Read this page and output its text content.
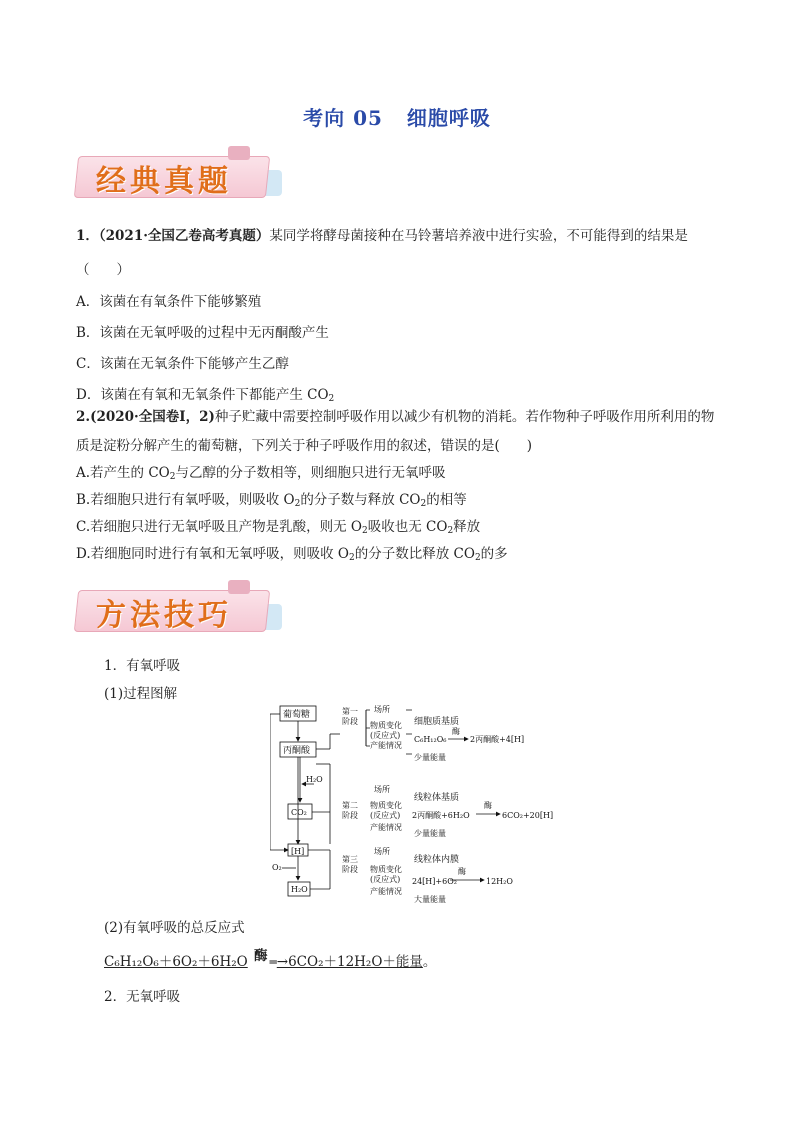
考向 05 细胞呼吸
经典真题
1．（2021·全国乙卷高考真题）某同学将酵母菌接种在马铃薯培养液中进行实验，不可能得到的结果是
（　　）
A．该菌在有氧条件下能够繁殖
B．该菌在无氧呼吸的过程中无丙酮酸产生
C．该菌在无氧条件下能够产生乙醇
D．该菌在有氧和无氧条件下都能产生 $CO_2$
2.(2020·全国卷Ⅰ，2)种子贮藏中需要控制呼吸作用以减少有机物的消耗。若作物种子呼吸作用所利用的物
质是淀粉分解产生的葡萄糖，下列关于种子呼吸作用的叙述，错误的是(　　)
A.若产生的 $CO_2$与乙醇的分子数相等，则细胞只进行无氧呼吸
B.若细胞只进行有氧呼吸，则吸收 $O_2$的分子数与释放 $CO_2$的相等
C.若细胞只进行无氧呼吸且产物是乳酸，则无 $O_2$吸收也无 $CO_2$释放
D.若细胞同时进行有氧和无氧呼吸，则吸收 $O_2$的分子数比释放 $CO_2$的多
方法技巧
1．有氧呼吸
(1)过程图解
葡萄糖
丙酮酸
第一
阶段
H₂O
CO₂
第二
阶段
[H]
O₂
H₂O
第三
阶段
场所
物质变化
(反应式)
产能情况
细胞质基质
C₆H₁₂O₆
酶
2丙酮酸+4[H]
少量能量
场所
物质变化
(反应式)
产能情况
线粒体基质
2丙酮酸+6H₂O
酶
6CO₂+20[H]
少量能量
场所
物质变化
(反应式)
产能情况
线粒体内膜
24[H]+6O₂
酶
12H₂O
大量能量
(2)有氧呼吸的总反应式
C₆H₁₂O₆＋6O₂＋6H₂O 酶 ═→6CO₂＋12H₂O＋能量。
2．无氧呼吸
